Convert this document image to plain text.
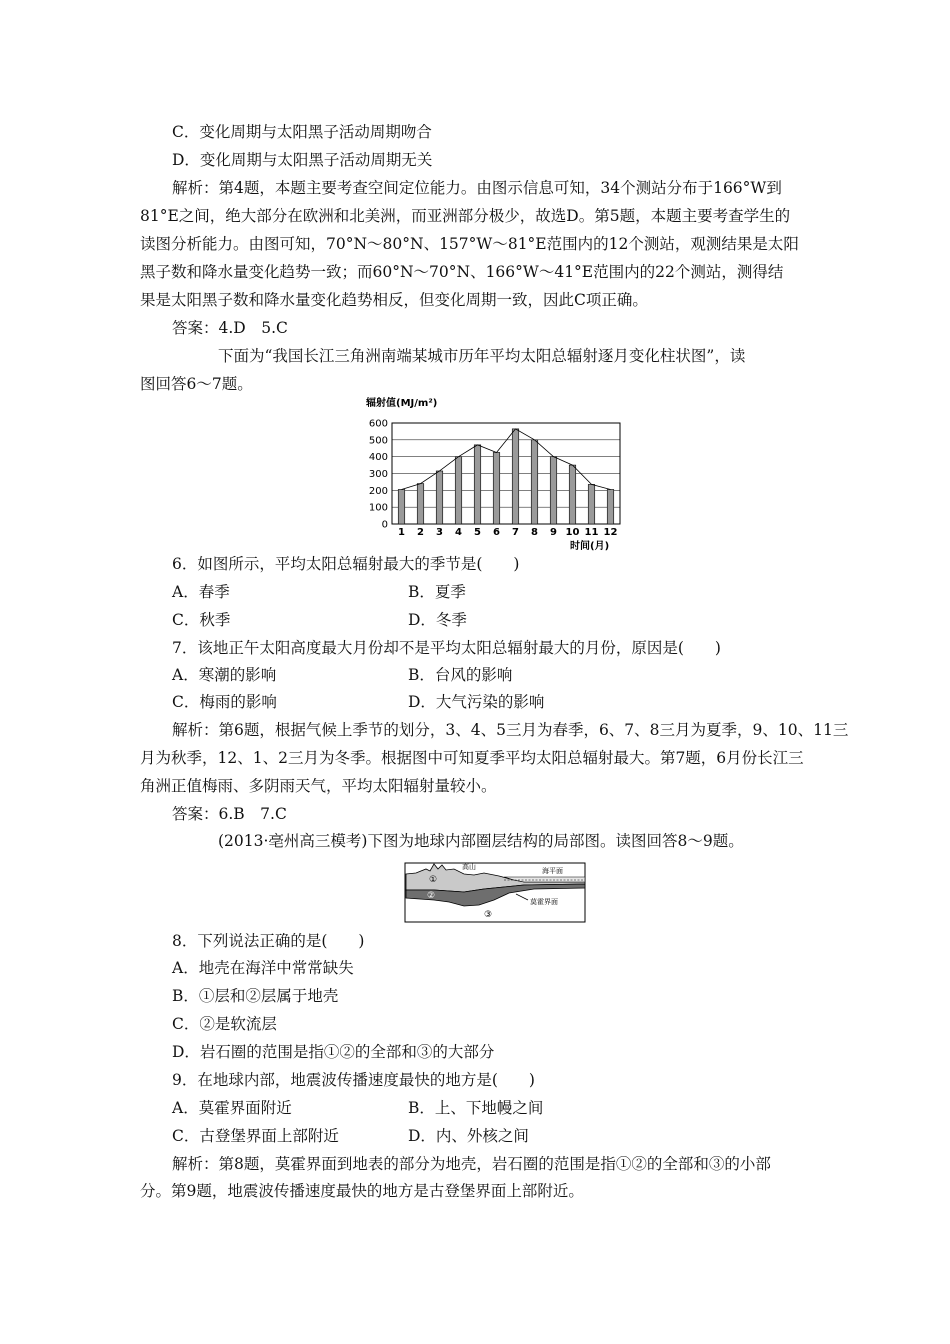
C．变化周期与太阳黑子活动周期吻合
D．变化周期与太阳黑子活动周期无关
解析：第4题，本题主要考查空间定位能力。由图示信息可知，34个测站分布于166°W到
81°E之间，绝大部分在欧洲和北美洲，而亚洲部分极少，故选D。第5题，本题主要考查学生的
读图分析能力。由图可知，70°N～80°N、157°W～81°E范围内的12个测站，观测结果是太阳
黑子数和降水量变化趋势一致；而60°N～70°N、166°W～41°E范围内的22个测站，测得结
果是太阳黑子数和降水量变化趋势相反，但变化周期一致，因此C项正确。
答案：4.D　5.C
下面为“我国长江三角洲南端某城市历年平均太阳总辐射逐月变化柱状图”，读
图回答6～7题。
辐射值(MJ/m²)
时间(月)
0
100
200
300
400
500
600
1 2 3 4 5 6 7 8 9 10 11 12
6．如图所示，平均太阳总辐射最大的季节是(　　)
A．春季	B．夏季
C．秋季	D．冬季
7．该地正午太阳高度最大月份却不是平均太阳总辐射最大的月份，原因是(　　)
A．寒潮的影响	B．台风的影响
C．梅雨的影响	D．大气污染的影响
解析：第6题，根据气候上季节的划分，3、4、5三月为春季，6、7、8三月为夏季，9、10、11三
月为秋季，12、1、2三月为冬季。根据图中可知夏季平均太阳总辐射最大。第7题，6月份长江三
角洲正值梅雨、多阴雨天气，平均太阳辐射量较小。
答案：6.B　7.C
(2013·亳州高三模考)下图为地球内部圈层结构的局部图。读图回答8～9题。
①
②
③
高山	海平面
莫霍界面
8．下列说法正确的是(　　)
A．地壳在海洋中常常缺失
B．①层和②层属于地壳
C．②是软流层
D．岩石圈的范围是指①②的全部和③的大部分
9．在地球内部，地震波传播速度最快的地方是(　　)
A．莫霍界面附近	B．上、下地幔之间
C．古登堡界面上部附近	D．内、外核之间
解析：第8题，莫霍界面到地表的部分为地壳，岩石圈的范围是指①②的全部和③的小部
分。第9题，地震波传播速度最快的地方是古登堡界面上部附近。
